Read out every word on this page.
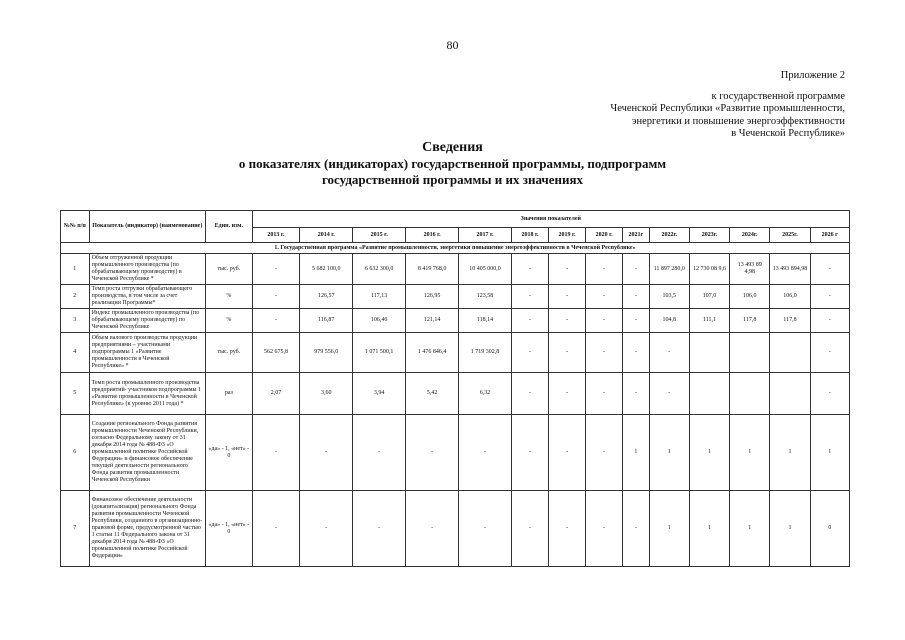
80
Приложение 2
к государственной программе
Чеченской Республики «Развитие промышленности,
энергетики и повышение энергоэффективности
в Чеченской Республике»
Сведения
о показателях (индикаторах) государственной программы, подпрограмм
государственной программы и их значениях
№№ п/п	Показатель (индикатор) (наименование)	Един. изм.	Значения показателей													
			2013 г.	2014 г.	2015 г.	2016 г.	2017 г.	2018 г.	2019 г.	2020 г.	2021г	2022г.	2023г.	2024г.	2025г.	2026 г
1. Государственная программа «Развитие промышленности, энергетики повышение энергоэффективности в Чеченской Республике»																
1	Объем отгруженной продукции промышленного производства (по обрабатывающему производству) в Чеченской Республике *	тыс. руб.	-	5 682 100,0	6 632 300,0	8 419 768,0	10 405 000,0	-	-	-	-	11 897 280,0	12 730 08 9,6	13 493 89 4,98	13 493 894,98	-
2	Темп роста отгрузки обрабатывающего производства, в том числе за счет реализации Программы*	%	-	126,57	117,13	126,95	123,58	-	-	-	-	103,5	107,0	106,0	106,0	-
3	Индекс промышленного производства (по обрабатывающему производству) по Чеченской Республике	%	-	116,87	106,46	121,14	118,14	-	-	-	-	104,8	111,1	117,8	117,8	-
4	Объем валового производства продукции предприятиями – участниками подпрограммы 1 «Развитие промышленности в Чеченской Республике» *	тыс. руб.	562 675,8	979 556,0	1 071 500,1	1 476 846,4	1 719 302,8	-	-	-	-	-				-
5	Темп роста промышленного производства предприятий- участников подпрограммы 1 «Развитие промышленности в Чеченской Республике» (к уровню 2011 года) *	раз	2,07	3,60	3,94	5,42	6,32	-	-	-	-	-				-
6	Создание регионального Фонда развития промышленности Чеченской Республики, согласно Федеральному закону от 31 декабря 2014 года № 488-ФЗ «О промышленной политике Российской Федерации» и финансовое обеспечение текущей деятельности регионального Фонда развития промышленности Чеченской Республики	«да» - 1, «нет» - 0	-	-	-	-	-	-	-	-	1	1	1	1	1	1
7	Финансовое обеспечение деятельности (докапитализация) регионального Фонда развития промышленности Чеченской Республики, созданного в организационно-правовой форме, предусмотренной частью 1 статьи 11 Федерального закона от 31 декабря 2014 года № 488-ФЗ «О промышленной политике Российской Федерации»	«да» - 1, «нет» - 0	-	-	-	-	-	-	-	-	-	1	1	1	1	0
